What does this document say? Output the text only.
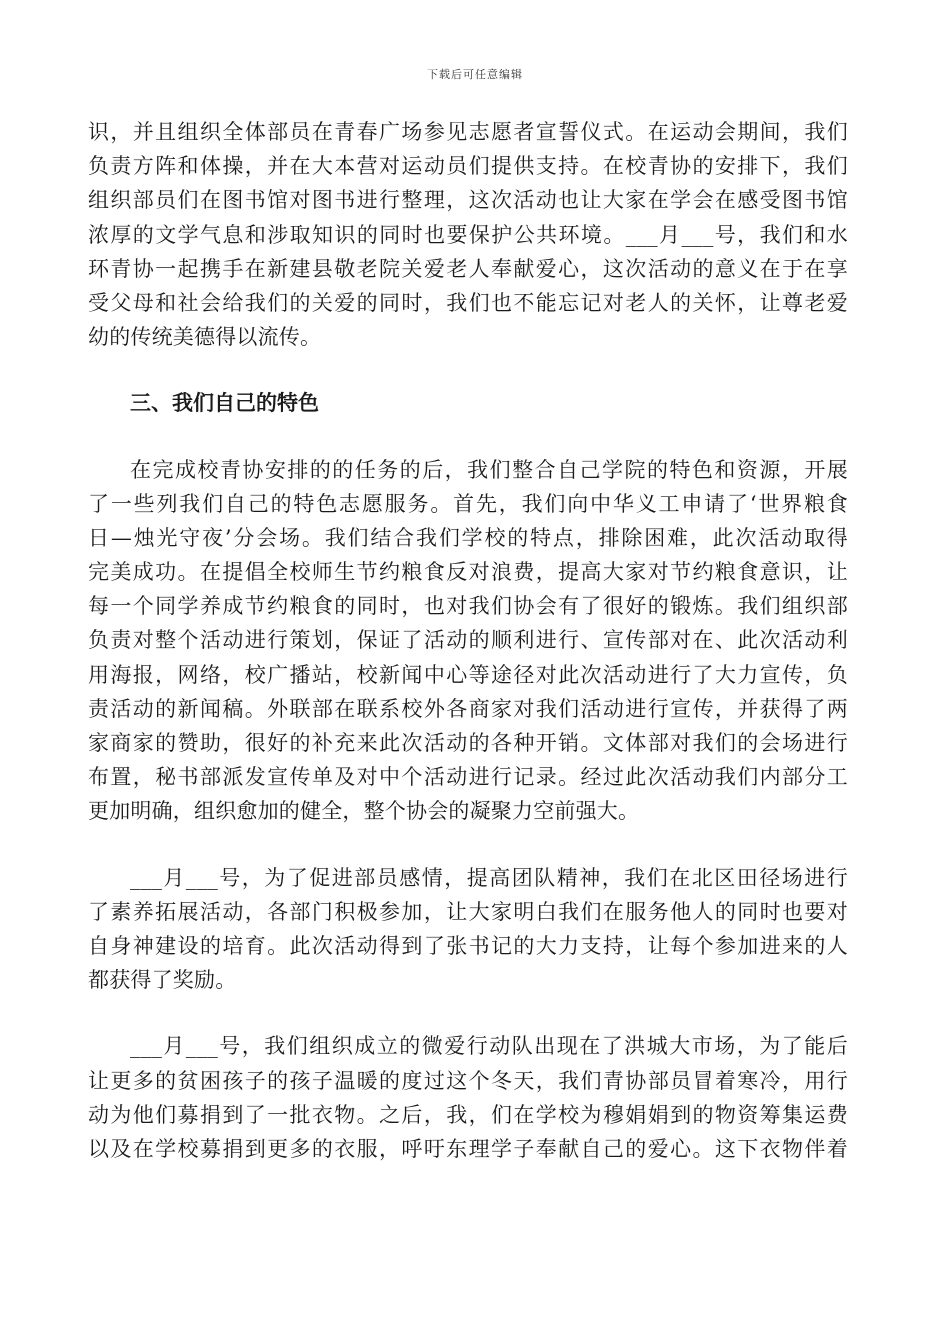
下载后可任意编辑
识，并且组织全体部员在青春广场参见志愿者宣誓仪式。在运动会期间，我们
负责方阵和体操，并在大本营对运动员们提供支持。在校青协的安排下，我们
组织部员们在图书馆对图书进行整理，这次活动也让大家在学会在感受图书馆
浓厚的文学气息和涉取知识的同时也要保护公共环境。___月___号，我们和水
环青协一起携手在新建县敬老院关爱老人奉献爱心，这次活动的意义在于在享
受父母和社会给我们的关爱的同时，我们也不能忘记对老人的关怀，让尊老爱
幼的传统美德得以流传。
三、我们自己的特色
在完成校青协安排的的任务的后，我们整合自己学院的特色和资源，开展
了一些列我们自己的特色志愿服务。首先，我们向中华义工申请了‘世界粮食
日—烛光守夜’分会场。我们结合我们学校的特点，排除困难，此次活动取得
完美成功。在提倡全校师生节约粮食反对浪费，提高大家对节约粮食意识，让
每一个同学养成节约粮食的同时，也对我们协会有了很好的锻炼。我们组织部
负责对整个活动进行策划，保证了活动的顺利进行、宣传部对在、此次活动利
用海报，网络，校广播站，校新闻中心等途径对此次活动进行了大力宣传，负
责活动的新闻稿。外联部在联系校外各商家对我们活动进行宣传，并获得了两
家商家的赞助，很好的补充来此次活动的各种开销。文体部对我们的会场进行
布置，秘书部派发宣传单及对中个活动进行记录。经过此次活动我们内部分工
更加明确，组织愈加的健全，整个协会的凝聚力空前强大。
___月___号，为了促进部员感情，提高团队精神，我们在北区田径场进行
了素养拓展活动，各部门积极参加，让大家明白我们在服务他人的同时也要对
自身神建设的培育。此次活动得到了张书记的大力支持，让每个参加进来的人
都获得了奖励。
___月___号，我们组织成立的微爱行动队出现在了洪城大市场，为了能后
让更多的贫困孩子的孩子温暖的度过这个冬天，我们青协部员冒着寒冷，用行
动为他们募捐到了一批衣物。之后，我，们在学校为穆娟娟到的物资筹集运费
以及在学校募捐到更多的衣服，呼吁东理学子奉献自己的爱心。这下衣物伴着
